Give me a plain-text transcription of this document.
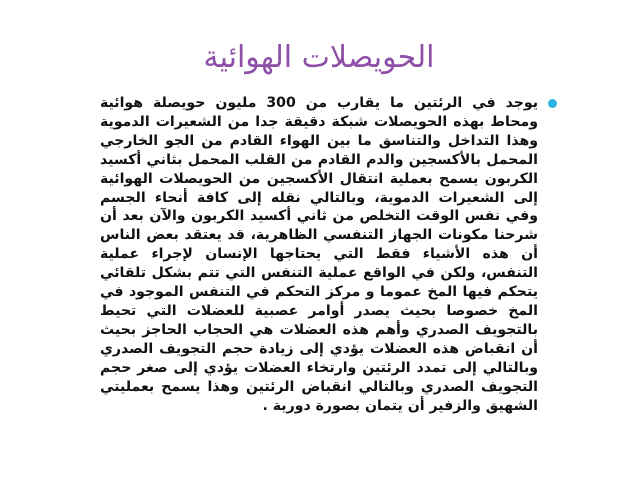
الحويصلات الهوائية

يوجد في الرئتين ما يقارب من 300 مليون حويصلة هوائية ومحاط بهذه الحويصلات شبكة دقيقة جدا من الشعيرات الدموية وهذا التداخل والتناسق ما بين الهواء القادم من الجو الخارجي المحمل بالأكسجين والدم القادم من القلب المحمل بثاني أكسيد الكربون يسمح بعملية انتقال الأكسجين من الحويصلات الهوائية إلى الشعيرات الدموية، وبالتالي نقله إلى كافة أنحاء الجسم وفي نفس الوقت التخلص من ثاني أكسيد الكربون والآن بعد أن شرحنا مكونات الجهاز التنفسي الظاهرية، قد يعتقد بعض الناس أن هذه الأشياء فقط التي يحتاجها الإنسان لإجراء عملية التنفس، ولكن في الواقع عملية التنفس التي تتم بشكل تلقائي يتحكم فيها المخ عموما و مركز التحكم في التنفس الموجود في المخ خصوصا بحيث يصدر أوامر عصبية للعضلات التي تحيط بالتجويف الصدري وأهم هذه العضلات هي الحجاب الحاجز بحيث أن انقباض هذه العضلات يؤدي إلى زيادة حجم التجويف الصدري وبالتالي إلى تمدد الرئتين وارتخاء العضلات يؤدي إلى صغر حجم التجويف الصدري وبالتالي انقباض الرئتين وهذا يسمح بعمليتي الشهيق والزفير أن يتمان بصورة دورية .
